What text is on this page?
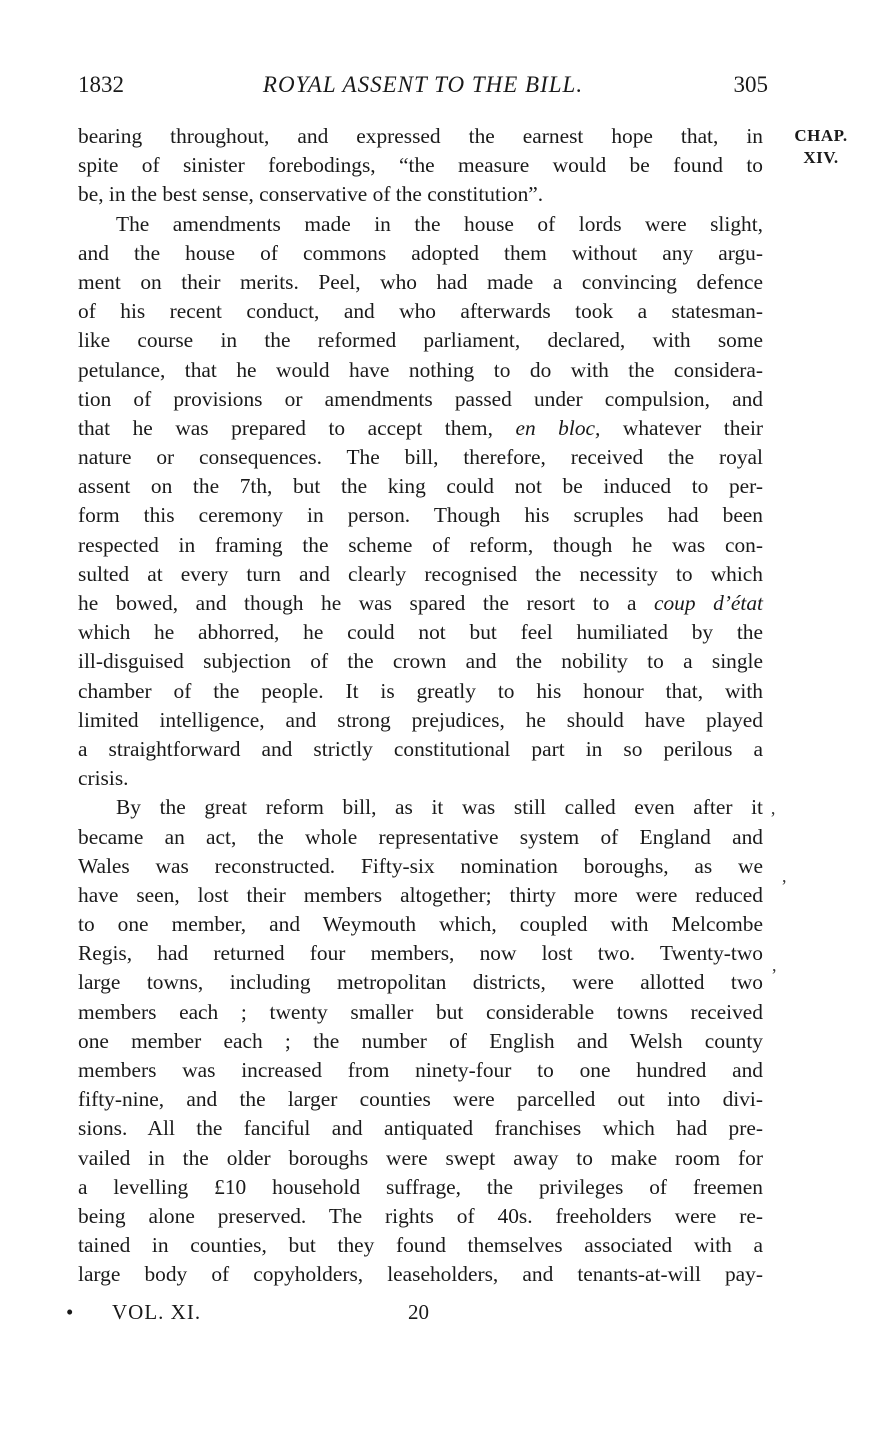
1832	ROYAL ASSENT TO THE BILL.	305
CHAP.
XIV.
bearing throughout, and expressed the earnest hope that, in
spite of sinister forebodings, “the measure would be found to
be, in the best sense, conservative of the constitution”.
The amendments made in the house of lords were slight,
and the house of commons adopted them without any argu-
ment on their merits. Peel, who had made a convincing defence
of his recent conduct, and who afterwards took a statesman-
like course in the reformed parliament, declared, with some
petulance, that he would have nothing to do with the considera-
tion of provisions or amendments passed under compulsion, and
that he was prepared to accept them, en bloc, whatever their
nature or consequences. The bill, therefore, received the royal
assent on the 7th, but the king could not be induced to per-
form this ceremony in person. Though his scruples had been
respected in framing the scheme of reform, though he was con-
sulted at every turn and clearly recognised the necessity to which
he bowed, and though he was spared the resort to a coup d’état
which he abhorred, he could not but feel humiliated by the
ill-disguised subjection of the crown and the nobility to a single
chamber of the people. It is greatly to his honour that, with
limited intelligence, and strong prejudices, he should have played
a straightforward and strictly constitutional part in so perilous a
crisis.
By the great reform bill, as it was still called even after it
became an act, the whole representative system of England and
Wales was reconstructed. Fifty-six nomination boroughs, as we
have seen, lost their members altogether; thirty more were reduced
to one member, and Weymouth which, coupled with Melcombe
Regis, had returned four members, now lost two. Twenty-two
large towns, including metropolitan districts, were allotted two
members each ; twenty smaller but considerable towns received
one member each ; the number of English and Welsh county
members was increased from ninety-four to one hundred and
fifty-nine, and the larger counties were parcelled out into divi-
sions. All the fanciful and antiquated franchises which had pre-
vailed in the older boroughs were swept away to make room for
a levelling £10 household suffrage, the privileges of freemen
being alone preserved. The rights of 40s. freeholders were re-
tained in counties, but they found themselves associated with a
large body of copyholders, leaseholders, and tenants-at-will pay-
’
,
,
• VOL. XI.	20
